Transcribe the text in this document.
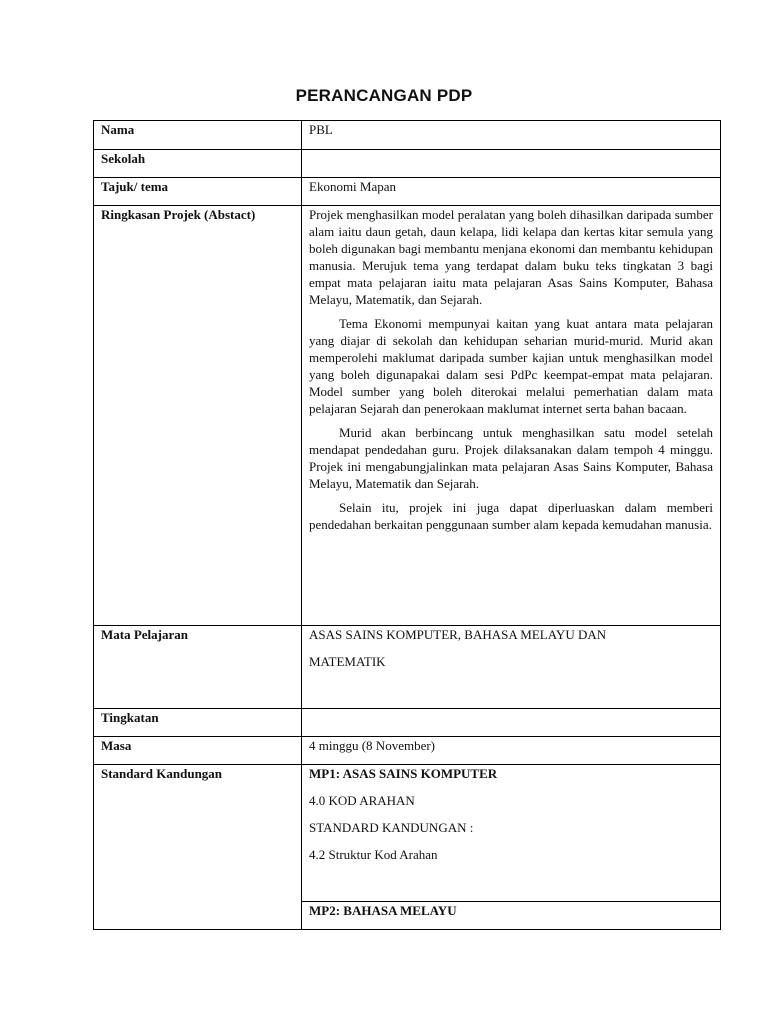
PERANCANGAN PDP
Nama	PBL
Sekolah	
Tajuk/ tema	Ekonomi Mapan
Ringkasan Projek (Abstact)	Projek menghasilkan model peralatan yang boleh dihasilkan daripada sumber alam iaitu daun getah, daun kelapa, lidi kelapa dan kertas kitar semula yang boleh digunakan bagi membantu menjana ekonomi dan membantu kehidupan manusia. Merujuk tema yang terdapat dalam buku teks tingkatan 3 bagi empat mata pelajaran iaitu mata pelajaran Asas Sains Komputer, Bahasa Melayu, Matematik, dan Sejarah.

Tema Ekonomi mempunyai kaitan yang kuat antara mata pelajaran yang diajar di sekolah dan kehidupan seharian murid-murid. Murid akan memperolehi maklumat daripada sumber kajian untuk menghasilkan model yang boleh digunapakai dalam sesi PdPc keempat-empat mata pelajaran. Model sumber yang boleh diterokai melalui pemerhatian dalam mata pelajaran Sejarah dan penerokaan maklumat internet serta bahan bacaan.

Murid akan berbincang untuk menghasilkan satu model setelah mendapat pendedahan guru. Projek dilaksanakan dalam tempoh 4 minggu. Projek ini mengabungjalinkan mata pelajaran Asas Sains Komputer, Bahasa Melayu, Matematik dan Sejarah.

Selain itu, projek ini juga dapat diperluaskan dalam memberi pendedahan berkaitan penggunaan sumber alam kepada kemudahan manusia.

Mata Pelajaran	ASAS SAINS KOMPUTER, BAHASA MELAYU DAN
MATEMATIK

Tingkatan	
Masa	4 minggu (8 November)
Standard Kandungan	MP1: ASAS SAINS KOMPUTER
4.0 KOD ARAHAN
STANDARD KANDUNGAN :
4.2 Struktur Kod Arahan

	MP2: BAHASA MELAYU
